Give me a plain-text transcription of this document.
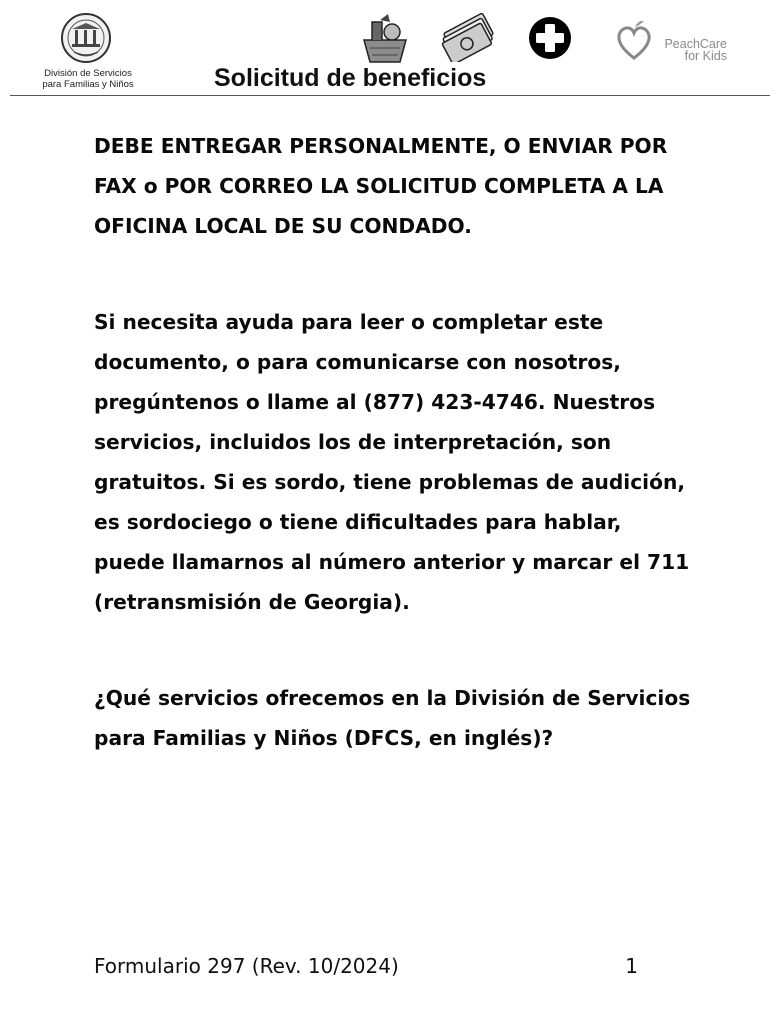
División de Servicios
para Familias y Niños	Solicitud de beneficios
PeachCare
for Kids

DEBE ENTREGAR PERSONALMENTE, O ENVIAR POR FAX o POR CORREO LA SOLICITUD COMPLETA A LA OFICINA LOCAL DE SU CONDADO.

Si necesita ayuda para leer o completar este documento, o para comunicarse con nosotros, pregúntenos o llame al (877) 423-4746. Nuestros servicios, incluidos los de interpretación, son gratuitos. Si es sordo, tiene problemas de audición, es sordociego o tiene dificultades para hablar, puede llamarnos al número anterior y marcar el 711 (retransmisión de Georgia).

¿Qué servicios ofrecemos en la División de Servicios para Familias y Niños (DFCS, en inglés)?

Formulario 297 (Rev. 10/2024)	1
